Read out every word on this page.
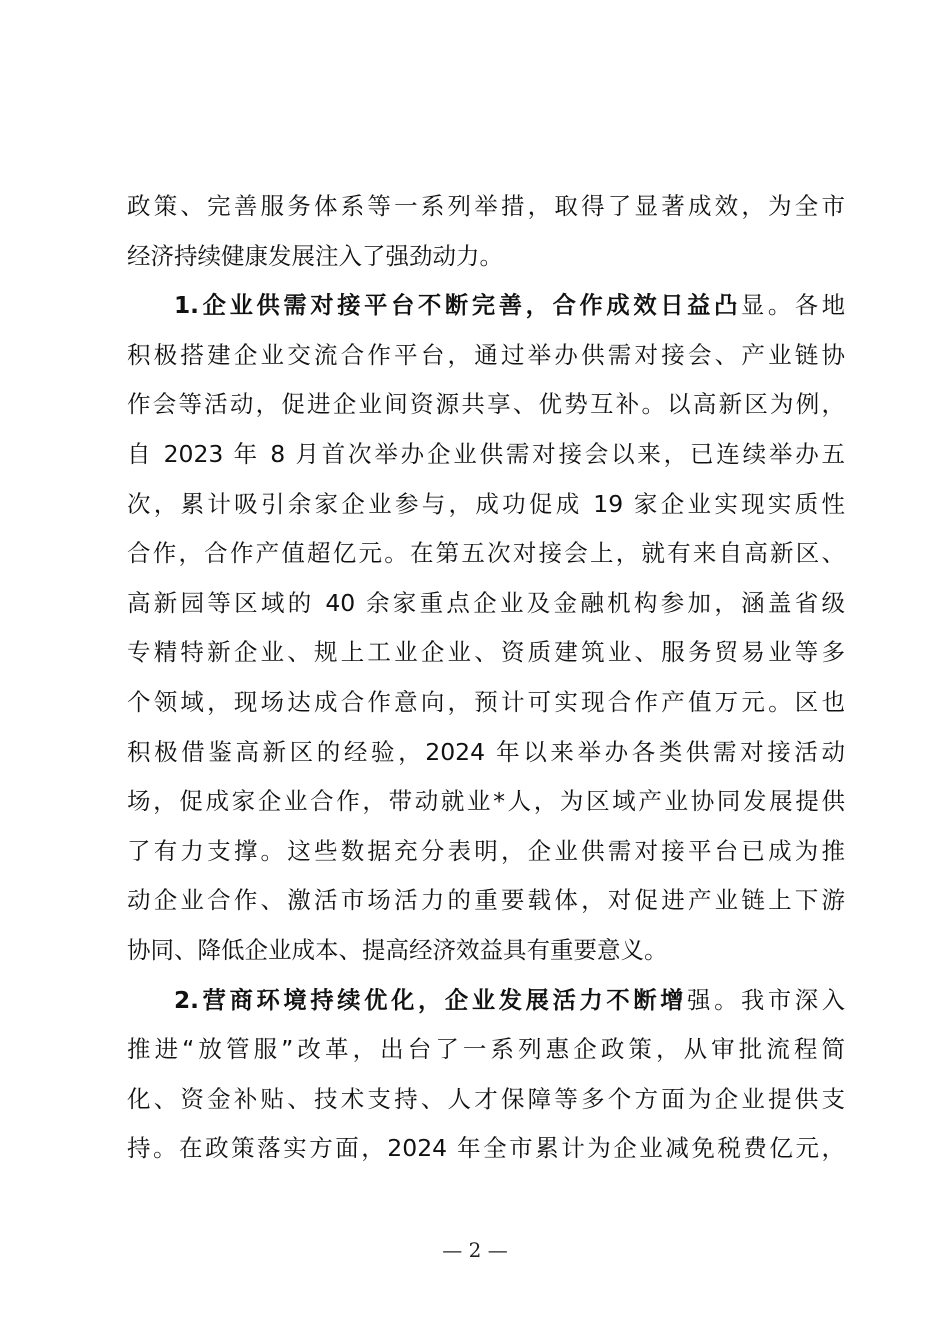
政策、完善服务体系等一系列举措，取得了显著成效，为全市
经济持续健康发展注入了强劲动力。
1.企业供需对接平台不断完善，合作成效日益凸显。各地
积极搭建企业交流合作平台，通过举办供需对接会、产业链协
作会等活动，促进企业间资源共享、优势互补。以高新区为例，
自 2023 年 8 月首次举办企业供需对接会以来，已连续举办五
次，累计吸引余家企业参与，成功促成 19 家企业实现实质性
合作，合作产值超亿元。在第五次对接会上，就有来自高新区、
高新园等区域的 40 余家重点企业及金融机构参加，涵盖省级
专精特新企业、规上工业企业、资质建筑业、服务贸易业等多
个领域，现场达成合作意向，预计可实现合作产值万元。区也
积极借鉴高新区的经验，2024 年以来举办各类供需对接活动
场，促成家企业合作，带动就业*人，为区域产业协同发展提供
了有力支撑。这些数据充分表明，企业供需对接平台已成为推
动企业合作、激活市场活力的重要载体，对促进产业链上下游
协同、降低企业成本、提高经济效益具有重要意义。
2.营商环境持续优化，企业发展活力不断增强。我市深入
推进“放管服”改革，出台了一系列惠企政策，从审批流程简
化、资金补贴、技术支持、人才保障等多个方面为企业提供支
持。在政策落实方面，2024 年全市累计为企业减免税费亿元，
— 2 —
